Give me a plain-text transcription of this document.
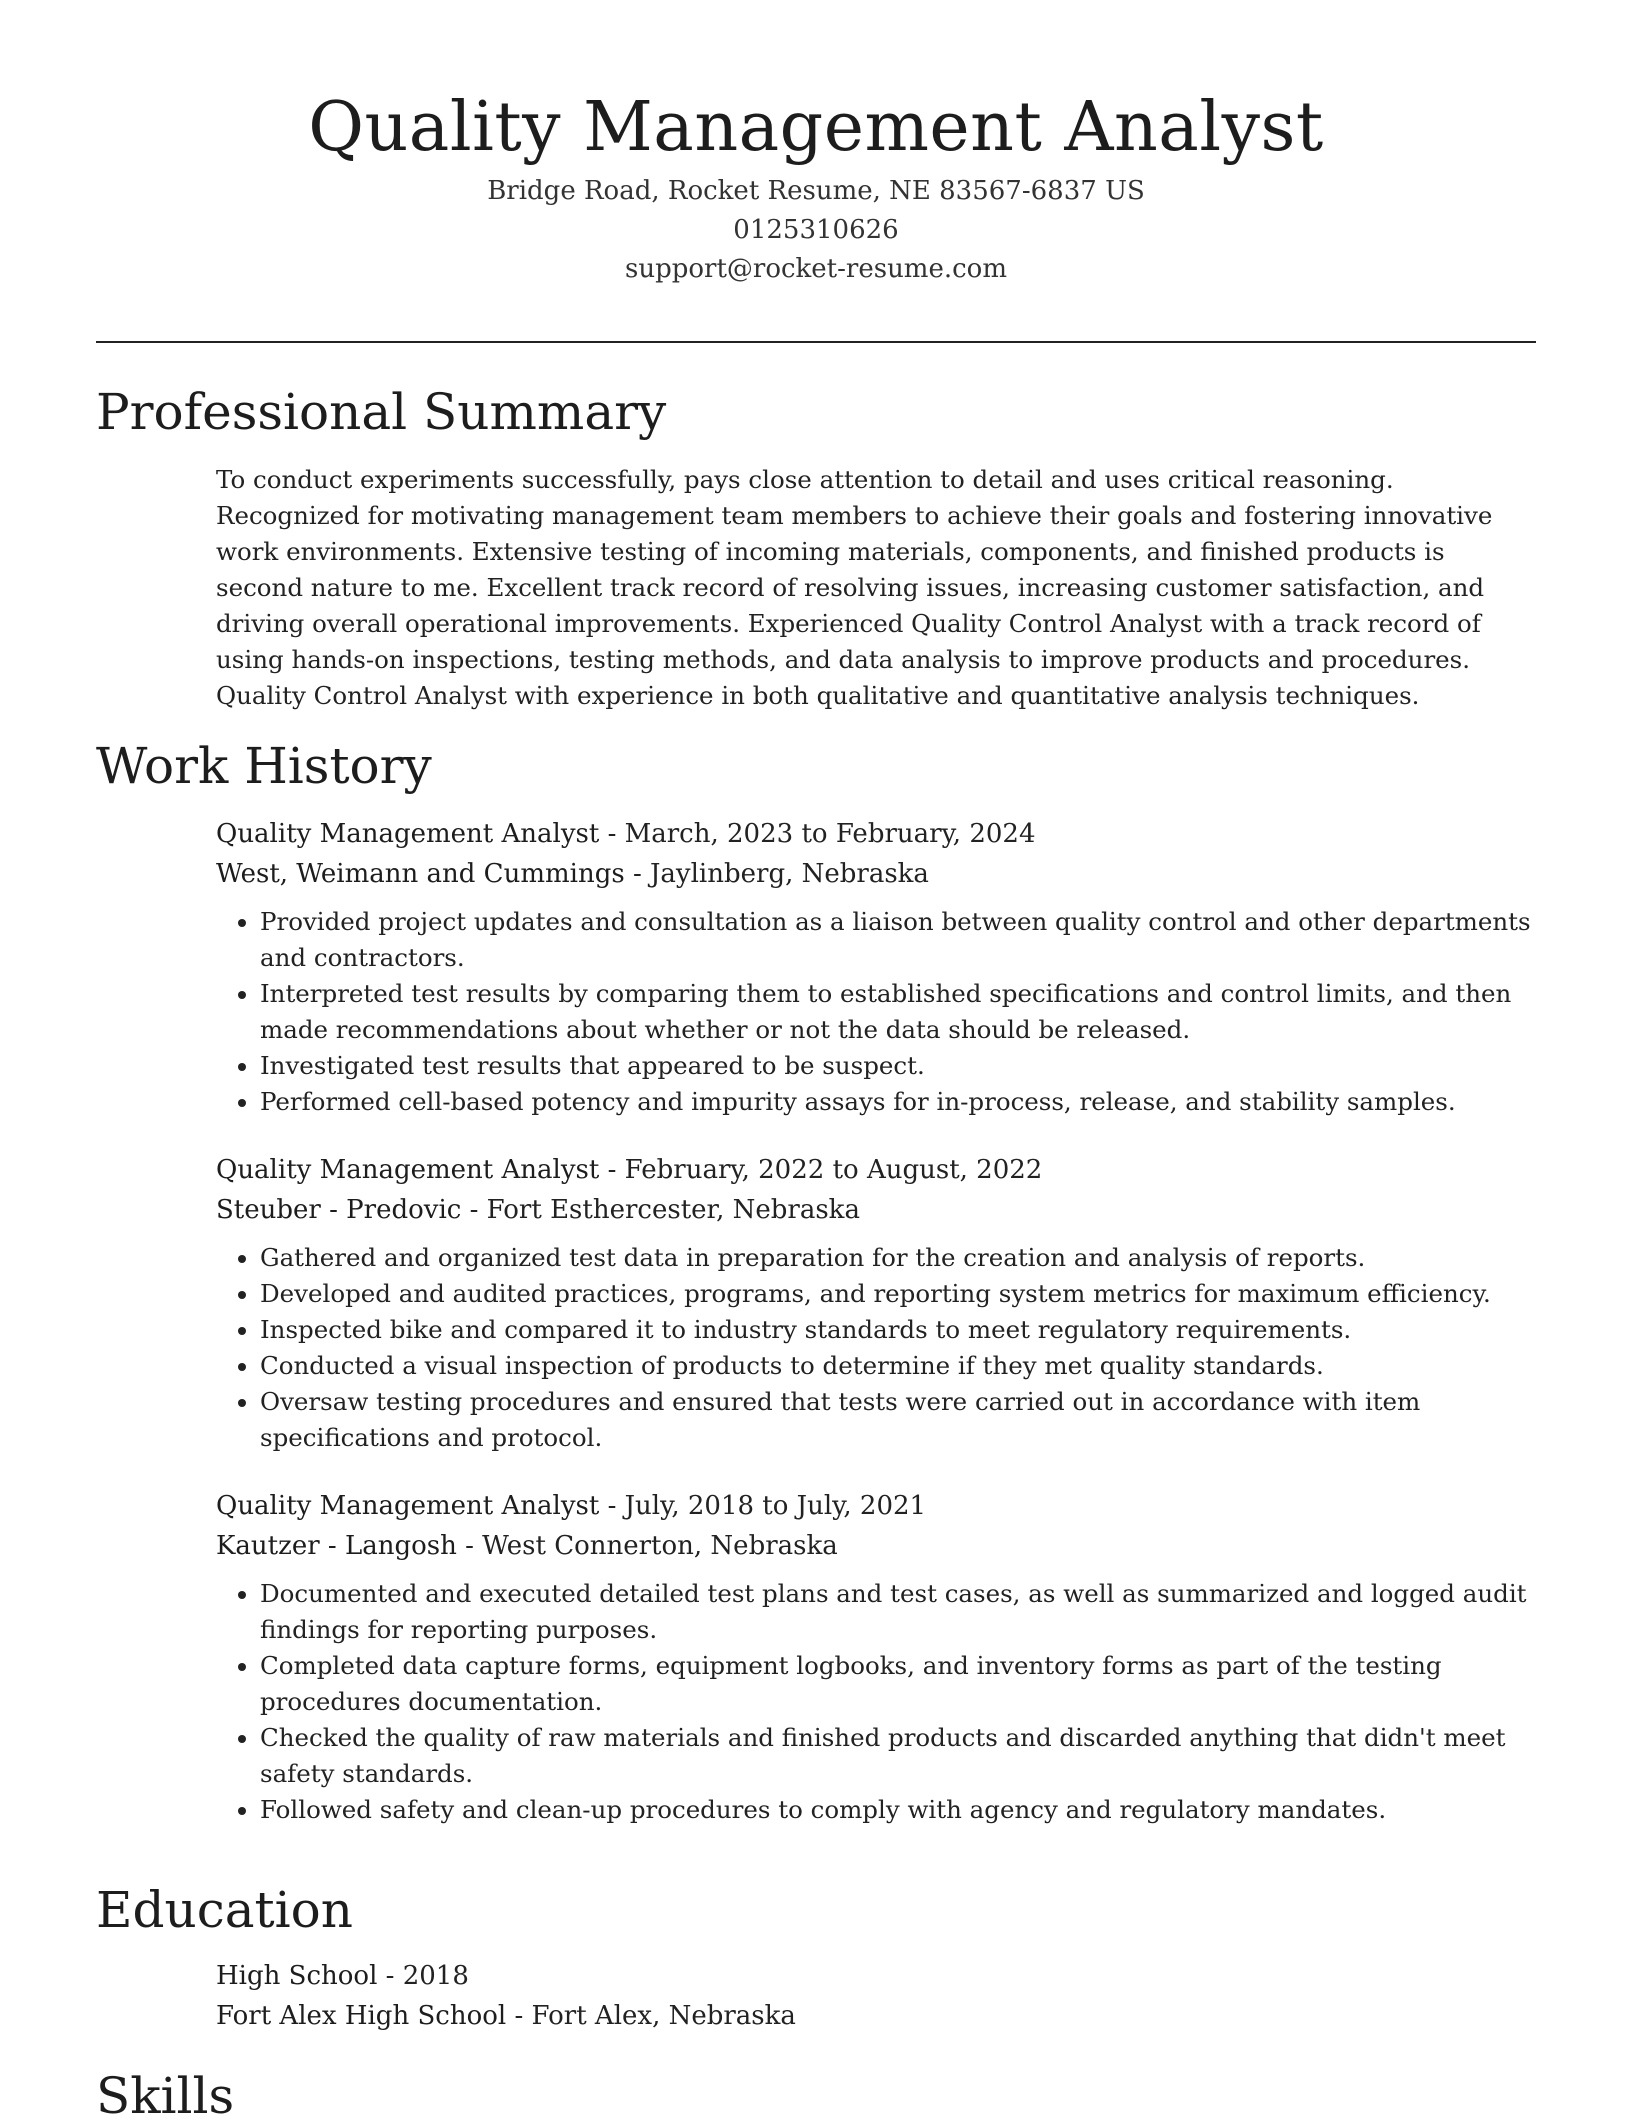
Quality Management Analyst
Bridge Road, Rocket Resume, NE 83567-6837 US
0125310626
support@rocket-resume.com
Professional Summary

To conduct experiments successfully, pays close attention to detail and uses critical reasoning. Recognized for motivating management team members to achieve their goals and fostering innovative work environments. Extensive testing of incoming materials, components, and finished products is second nature to me. Excellent track record of resolving issues, increasing customer satisfaction, and driving overall operational improvements. Experienced Quality Control Analyst with a track record of using hands-on inspections, testing methods, and data analysis to improve products and procedures. Quality Control Analyst with experience in both qualitative and quantitative analysis techniques.

Work History

Quality Management Analyst - March, 2023 to February, 2024

West, Weimann and Cummings - Jaylinberg, Nebraska

• Provided project updates and consultation as a liaison between quality control and other departments and contractors.
• Interpreted test results by comparing them to established specifications and control limits, and then made recommendations about whether or not the data should be released.
• Investigated test results that appeared to be suspect.
• Performed cell-based potency and impurity assays for in-process, release, and stability samples.

Quality Management Analyst - February, 2022 to August, 2022

Steuber - Predovic - Fort Esthercester, Nebraska

• Gathered and organized test data in preparation for the creation and analysis of reports.
• Developed and audited practices, programs, and reporting system metrics for maximum efficiency.
• Inspected bike and compared it to industry standards to meet regulatory requirements.
• Conducted a visual inspection of products to determine if they met quality standards.
• Oversaw testing procedures and ensured that tests were carried out in accordance with item specifications and protocol.

Quality Management Analyst - July, 2018 to July, 2021

Kautzer - Langosh - West Connerton, Nebraska

• Documented and executed detailed test plans and test cases, as well as summarized and logged audit findings for reporting purposes.
• Completed data capture forms, equipment logbooks, and inventory forms as part of the testing procedures documentation.
• Checked the quality of raw materials and finished products and discarded anything that didn't meet safety standards.
• Followed safety and clean-up procedures to comply with agency and regulatory mandates.
Education

High School - 2018

Fort Alex High School - Fort Alex, Nebraska

Skills
